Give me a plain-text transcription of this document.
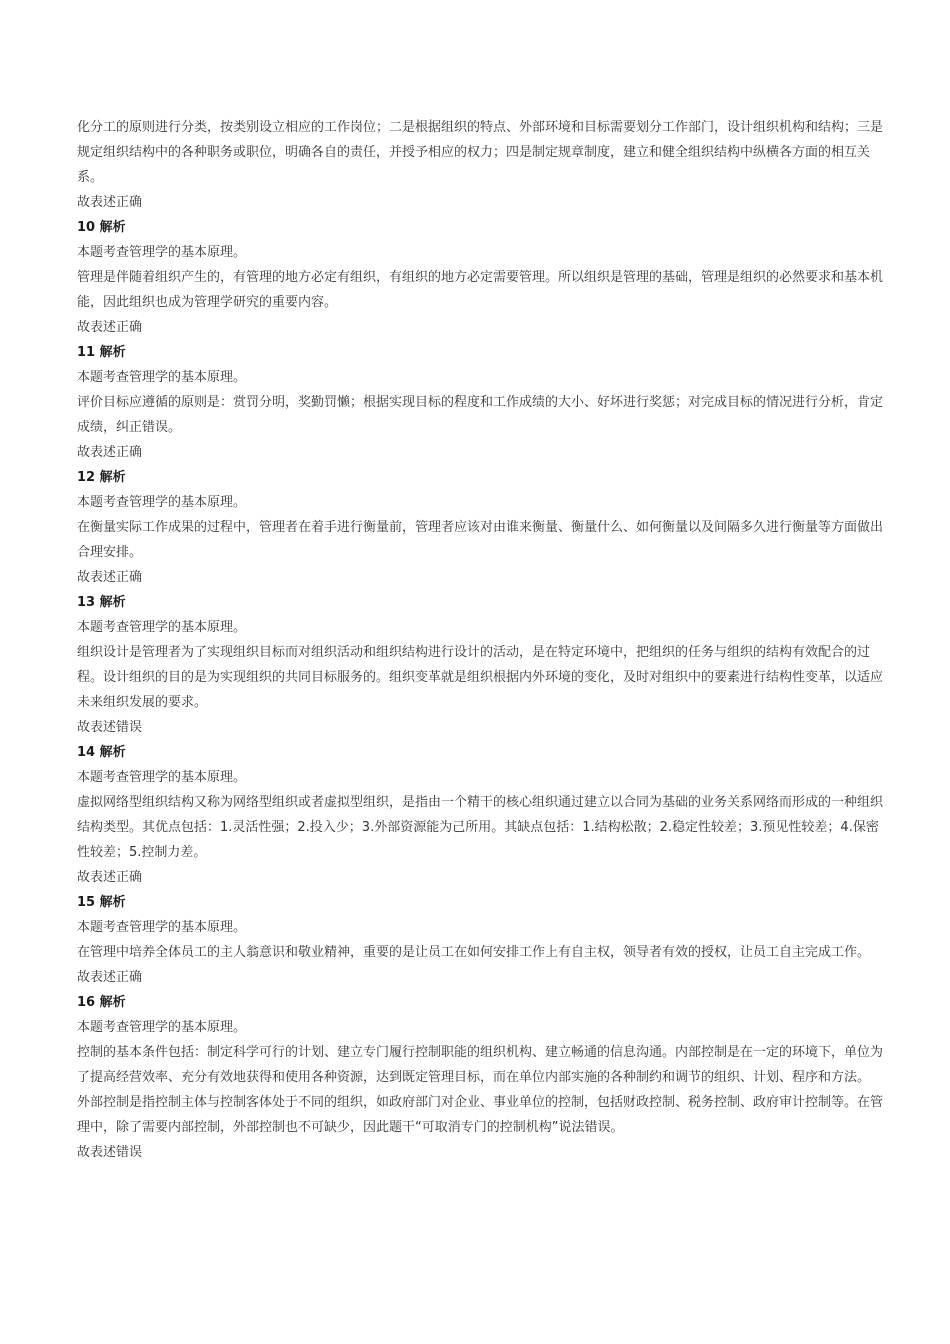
化分工的原则进行分类，按类别设立相应的工作岗位；二是根据组织的特点、外部环境和目标需要划分工作部门，设计组织机构和结构；三是规定组织结构中的各种职务或职位，明确各自的责任，并授予相应的权力；四是制定规章制度，建立和健全组织结构中纵横各方面的相互关系。

故表述正确

10 解析

本题考查管理学的基本原理。

管理是伴随着组织产生的，有管理的地方必定有组织，有组织的地方必定需要管理。所以组织是管理的基础，管理是组织的必然要求和基本机能，因此组织也成为管理学研究的重要内容。

故表述正确

11 解析

本题考查管理学的基本原理。

评价目标应遵循的原则是：赏罚分明，奖勤罚懒；根据实现目标的程度和工作成绩的大小、好坏进行奖惩；对完成目标的情况进行分析，肯定成绩，纠正错误。

故表述正确

12 解析

本题考查管理学的基本原理。

在衡量实际工作成果的过程中，管理者在着手进行衡量前，管理者应该对由谁来衡量、衡量什么、如何衡量以及间隔多久进行衡量等方面做出合理安排。

故表述正确

13 解析

本题考查管理学的基本原理。

组织设计是管理者为了实现组织目标而对组织活动和组织结构进行设计的活动，是在特定环境中，把组织的任务与组织的结构有效配合的过程。设计组织的目的是为实现组织的共同目标服务的。组织变革就是组织根据内外环境的变化，及时对组织中的要素进行结构性变革，以适应未来组织发展的要求。

故表述错误

14 解析

本题考查管理学的基本原理。

虚拟网络型组织结构又称为网络型组织或者虚拟型组织，是指由一个精干的核心组织通过建立以合同为基础的业务关系网络而形成的一种组织结构类型。其优点包括：1.灵活性强；2.投入少；3.外部资源能为己所用。其缺点包括：1.结构松散；2.稳定性较差；3.预见性较差；4.保密性较差；5.控制力差。

故表述正确

15 解析

本题考查管理学的基本原理。

在管理中培养全体员工的主人翁意识和敬业精神，重要的是让员工在如何安排工作上有自主权，领导者有效的授权，让员工自主完成工作。

故表述正确

16 解析

本题考查管理学的基本原理。

控制的基本条件包括：制定科学可行的计划、建立专门履行控制职能的组织机构、建立畅通的信息沟通。内部控制是在一定的环境下，单位为了提高经营效率、充分有效地获得和使用各种资源，达到既定管理目标，而在单位内部实施的各种制约和调节的组织、计划、程序和方法。

外部控制是指控制主体与控制客体处于不同的组织，如政府部门对企业、事业单位的控制，包括财政控制、税务控制、政府审计控制等。在管理中，除了需要内部控制，外部控制也不可缺少，因此题干“可取消专门的控制机构”说法错误。

故表述错误
